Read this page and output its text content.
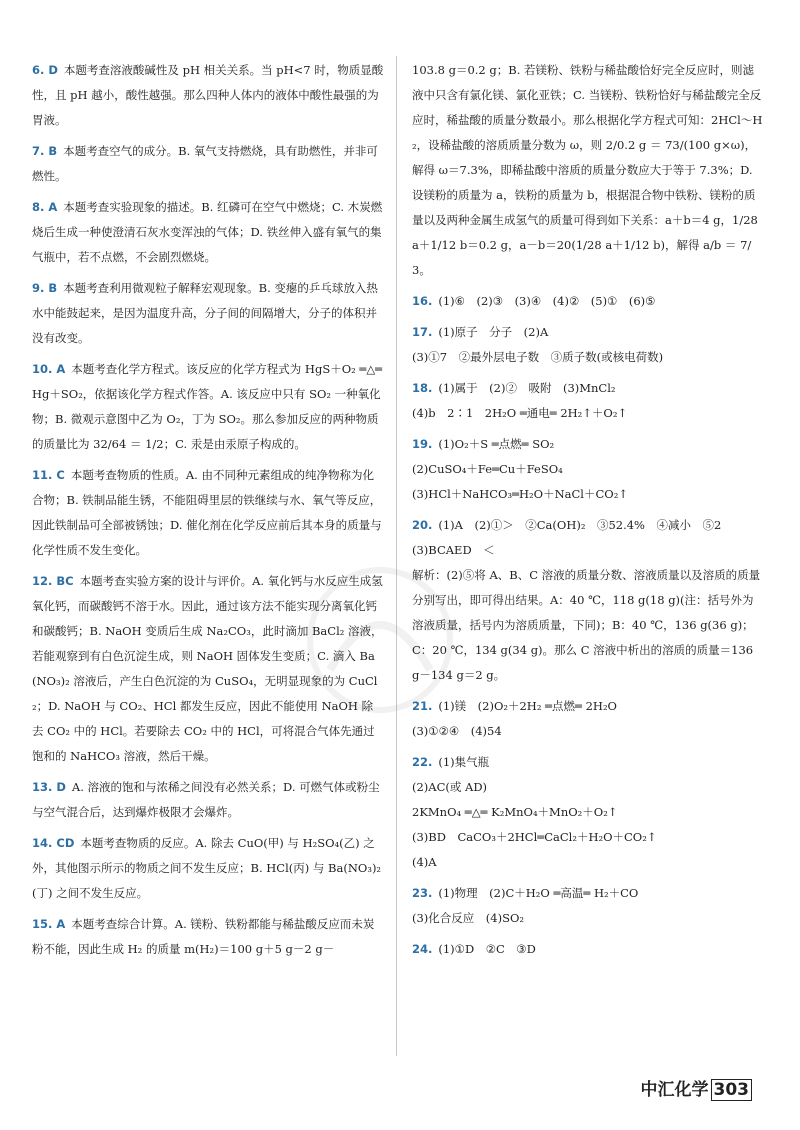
6. D 本题考查溶液酸碱性及 pH 相关关系。当 pH<7 时，物质显酸性，且 pH 越小，酸性越强。那么四种人体内的液体中酸性最强的为胃液。
7. B 本题考查空气的成分。B. 氧气支持燃烧，具有助燃性，并非可燃性。
8. A 本题考查实验现象的描述。B. 红磷可在空气中燃烧；C. 木炭燃烧后生成一种使澄清石灰水变浑浊的气体；D. 铁丝伸入盛有氧气的集气瓶中，若不点燃，不会剧烈燃烧。
9. B 本题考查利用微观粒子解释宏观现象。B. 变瘪的乒乓球放入热水中能鼓起来，是因为温度升高，分子间的间隔增大，分子的体积并没有改变。
10. A 本题考查化学方程式。该反应的化学方程式为 HgS＋O₂ ═△═ Hg＋SO₂，依据该化学方程式作答。A. 该反应中只有 SO₂ 一种氧化物；B. 微观示意图中乙为 O₂，丁为 SO₂。那么参加反应的两种物质的质量比为 32/64 ＝ 1/2；C. 汞是由汞原子构成的。
11. C 本题考查物质的性质。A. 由不同种元素组成的纯净物称为化合物；B. 铁制品能生锈，不能阻碍里层的铁继续与水、氧气等反应，因此铁制品可全部被锈蚀；D. 催化剂在化学反应前后其本身的质量与化学性质不发生变化。
12. BC 本题考查实验方案的设计与评价。A. 氧化钙与水反应生成氢氧化钙，而碳酸钙不溶于水。因此，通过该方法不能实现分离氧化钙和碳酸钙；B. NaOH 变质后生成 Na₂CO₃，此时滴加 BaCl₂ 溶液，若能观察到有白色沉淀生成，则 NaOH 固体发生变质；C. 滴入 Ba(NO₃)₂ 溶液后，产生白色沉淀的为 CuSO₄，无明显现象的为 CuCl₂；D. NaOH 与 CO₂、HCl 都发生反应，因此不能使用 NaOH 除去 CO₂ 中的 HCl。若要除去 CO₂ 中的 HCl，可将混合气体先通过饱和的 NaHCO₃ 溶液，然后干燥。
13. D A. 溶液的饱和与浓稀之间没有必然关系；D. 可燃气体或粉尘与空气混合后，达到爆炸极限才会爆炸。
14. CD 本题考查物质的反应。A. 除去 CuO(甲) 与 H₂SO₄(乙) 之外，其他图示所示的物质之间不发生反应；B. HCl(丙) 与 Ba(NO₃)₂(丁) 之间不发生反应。
15. A 本题考查综合计算。A. 镁粉、铁粉都能与稀盐酸反应而未炭粉不能，因此生成 H₂ 的质量 m(H₂)＝100 g＋5 g－2 g－
103.8 g＝0.2 g；B. 若镁粉、铁粉与稀盐酸恰好完全反应时，则滤液中只含有氯化镁、氯化亚铁；C. 当镁粉、铁粉恰好与稀盐酸完全反应时，稀盐酸的质量分数最小。那么根据化学方程式可知：2HCl～H₂，设稀盐酸的溶质质量分数为 ω，则 2/0.2 g ＝ 73/(100 g×ω)，解得 ω＝7.3%，即稀盐酸中溶质的质量分数应大于等于 7.3%；D. 设镁粉的质量为 a，铁粉的质量为 b，根据混合物中铁粉、镁粉的质量以及两种金属生成氢气的质量可得到如下关系：a＋b＝4 g，1/28 a＋1/12 b＝0.2 g，a－b＝20(1/28 a＋1/12 b)，解得 a/b ＝ 7/3。
16. (1)⑥　(2)③　(3)④　(4)②　(5)①　(6)⑤
17. (1)原子　分子　(2)A
(3)①7　②最外层电子数　③质子数(或核电荷数)
18. (1)属于　(2)②　吸附　(3)MnCl₂
(4)b　2∶1　2H₂O ═通电═ 2H₂↑＋O₂↑
19. (1)O₂＋S ═点燃═ SO₂
(2)CuSO₄＋Fe═Cu＋FeSO₄
(3)HCl＋NaHCO₃═H₂O＋NaCl＋CO₂↑
20. (1)A　(2)①＞　②Ca(OH)₂　③52.4%　④减小　⑤2
(3)BCAED　＜
解析：(2)⑤将 A、B、C 溶液的质量分数、溶液质量以及溶质的质量分别写出，即可得出结果。A：40 ℃，118 g(18 g)(注：括号外为溶液质量，括号内为溶质质量，下同)；B：40 ℃，136 g(36 g)；C：20 ℃，134 g(34 g)。那么 C 溶液中析出的溶质的质量＝136 g－134 g＝2 g。
21. (1)镁　(2)O₂＋2H₂ ═点燃═ 2H₂O
(3)①②④　(4)54
22. (1)集气瓶
(2)AC(或 AD)
2KMnO₄ ═△═ K₂MnO₄＋MnO₂＋O₂↑
(3)BD　CaCO₃＋2HCl═CaCl₂＋H₂O＋CO₂↑
(4)A
23. (1)物理　(2)C＋H₂O ═高温═ H₂＋CO
(3)化合反应　(4)SO₂
24. (1)①D　②C　③D
中汇化学 303
